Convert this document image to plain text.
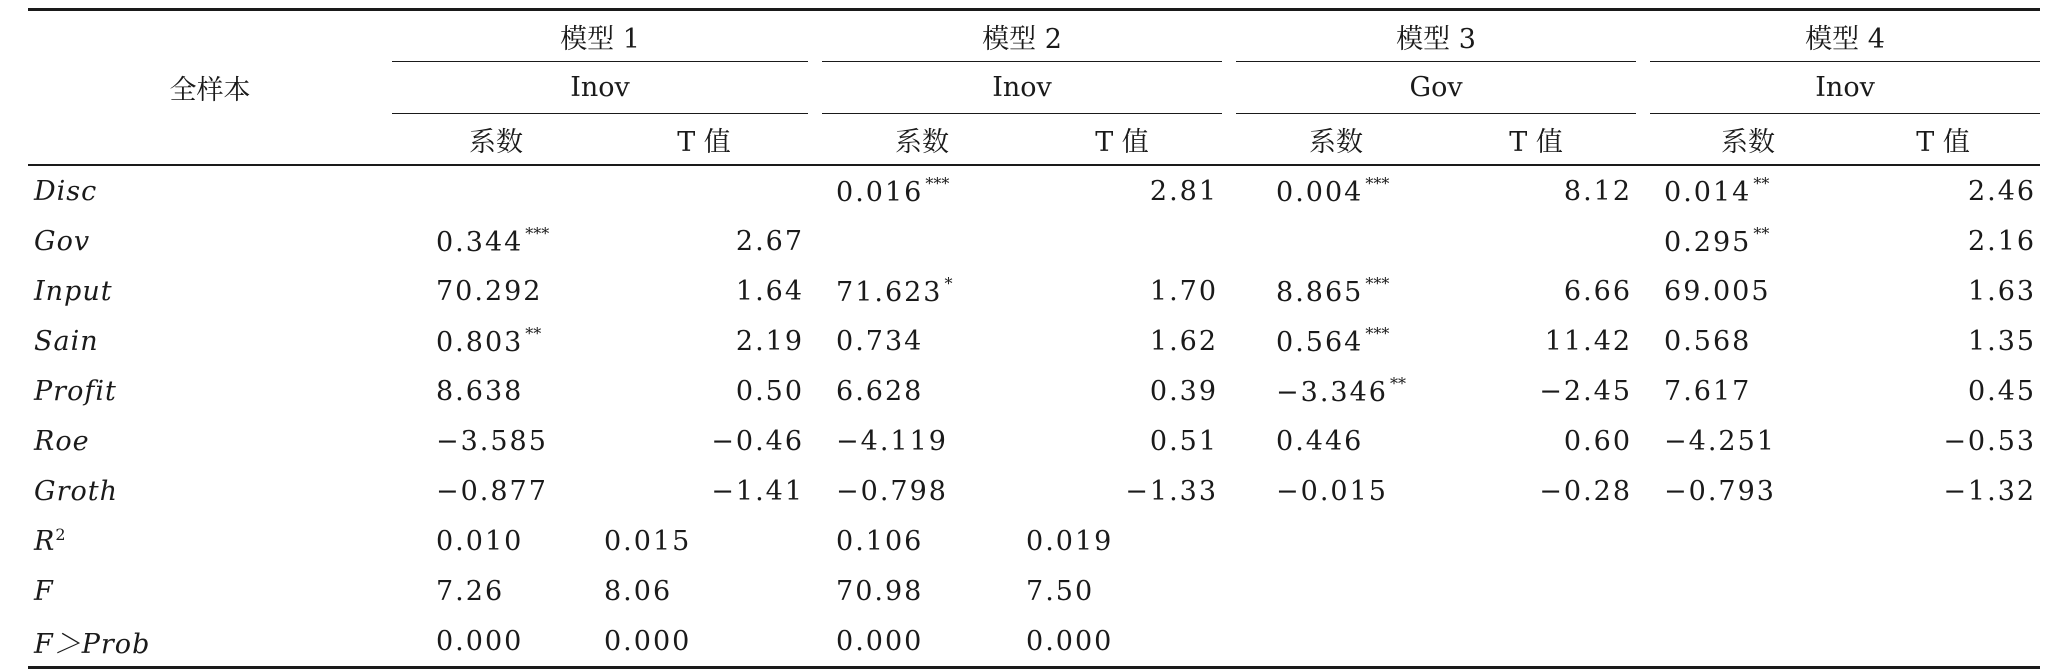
全样本	模型 1			模型 2			模型 3			模型 4	
	Inov			Inov			Gov			Inov	
	系数	T 值		系数	T 值		系数	T 值		系数	T 值
Disc				0.016 ***	2.81		0.004 ***	8.12		0.014 **	2.46
Gov	0.344 ***	2.67								0.295 **	2.16
Input	70.292	1.64		71.623 *	1.70		8.865 ***	6.66		69.005	1.63
Sain	0.803 **	2.19		0.734	1.62		0.564 ***	11.42		0.568	1.35
Profit	8.638	0.50		6.628	0.39		−3.346 **	−2.45		7.617	0.45
Roe	−3.585	−0.46		−4.119	0.51		0.446	0.60		−4.251	−0.53
Groth	−0.877	−1.41		−0.798	−1.33		−0.015	−0.28		−0.793	−1.32
$R^2$	0.010	0.015		0.106	0.019						
F	7.26	8.06		70.98	7.50						
F＞Prob	0.000	0.000		0.000	0.000						
